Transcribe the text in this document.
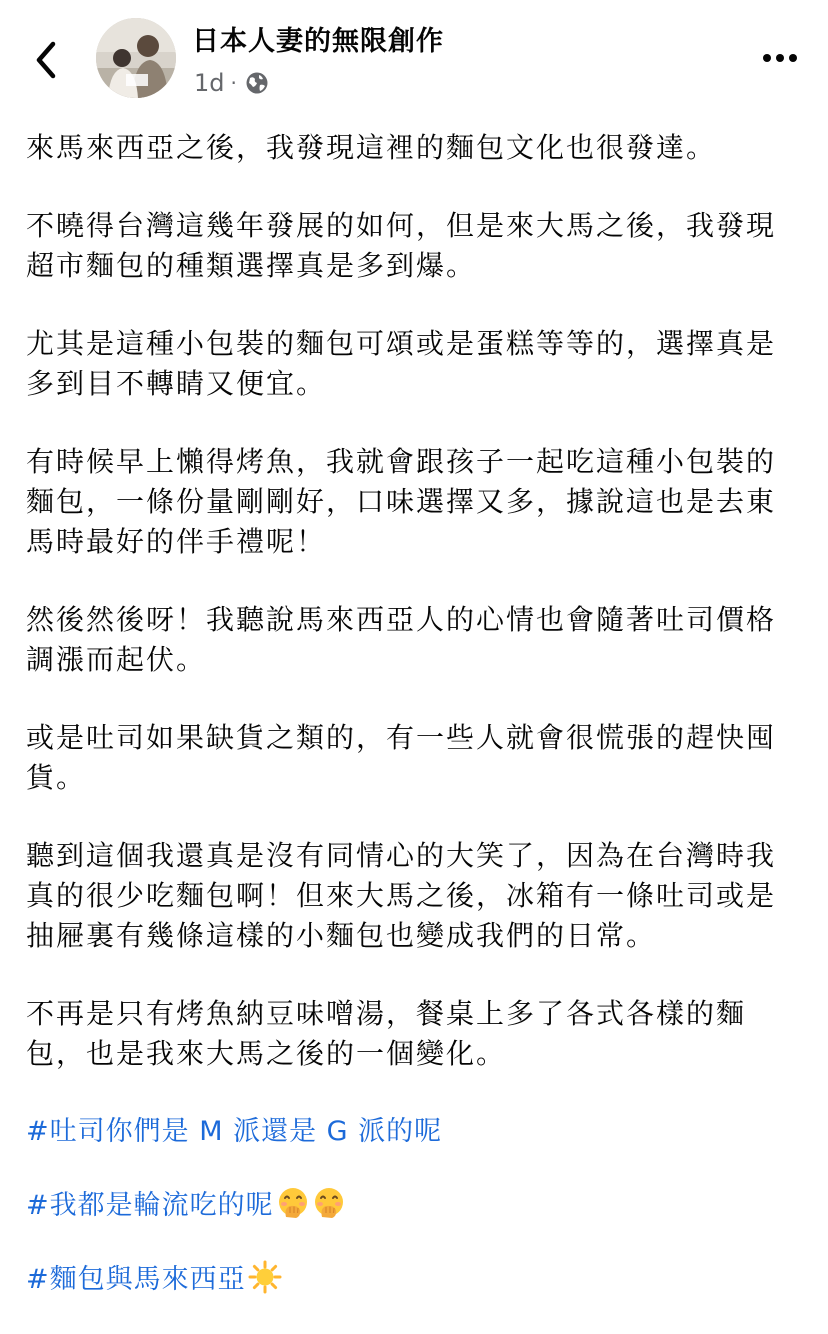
日本人妻的無限創作
1d ·

來馬來西亞之後，我發現這裡的麵包文化也很發達。

不曉得台灣這幾年發展的如何，但是來大馬之後，我發現
超市麵包的種類選擇真是多到爆。

尤其是這種小包裝的麵包可頌或是蛋糕等等的，選擇真是
多到目不轉睛又便宜。

有時候早上懶得烤魚，我就會跟孩子一起吃這種小包裝的
麵包，一條份量剛剛好，口味選擇又多，據說這也是去東
馬時最好的伴手禮呢！

然後然後呀！我聽說馬來西亞人的心情也會隨著吐司價格
調漲而起伏。

或是吐司如果缺貨之類的，有一些人就會很慌張的趕快囤
貨。

聽到這個我還真是沒有同情心的大笑了，因為在台灣時我
真的很少吃麵包啊！但來大馬之後，冰箱有一條吐司或是
抽屜裏有幾條這樣的小麵包也變成我們的日常。

不再是只有烤魚納豆味噌湯，餐桌上多了各式各樣的麵
包，也是我來大馬之後的一個變化。

#吐司你們是 M 派還是 G 派的呢
#我都是輪流吃的呢
#麵包與馬來西亞
